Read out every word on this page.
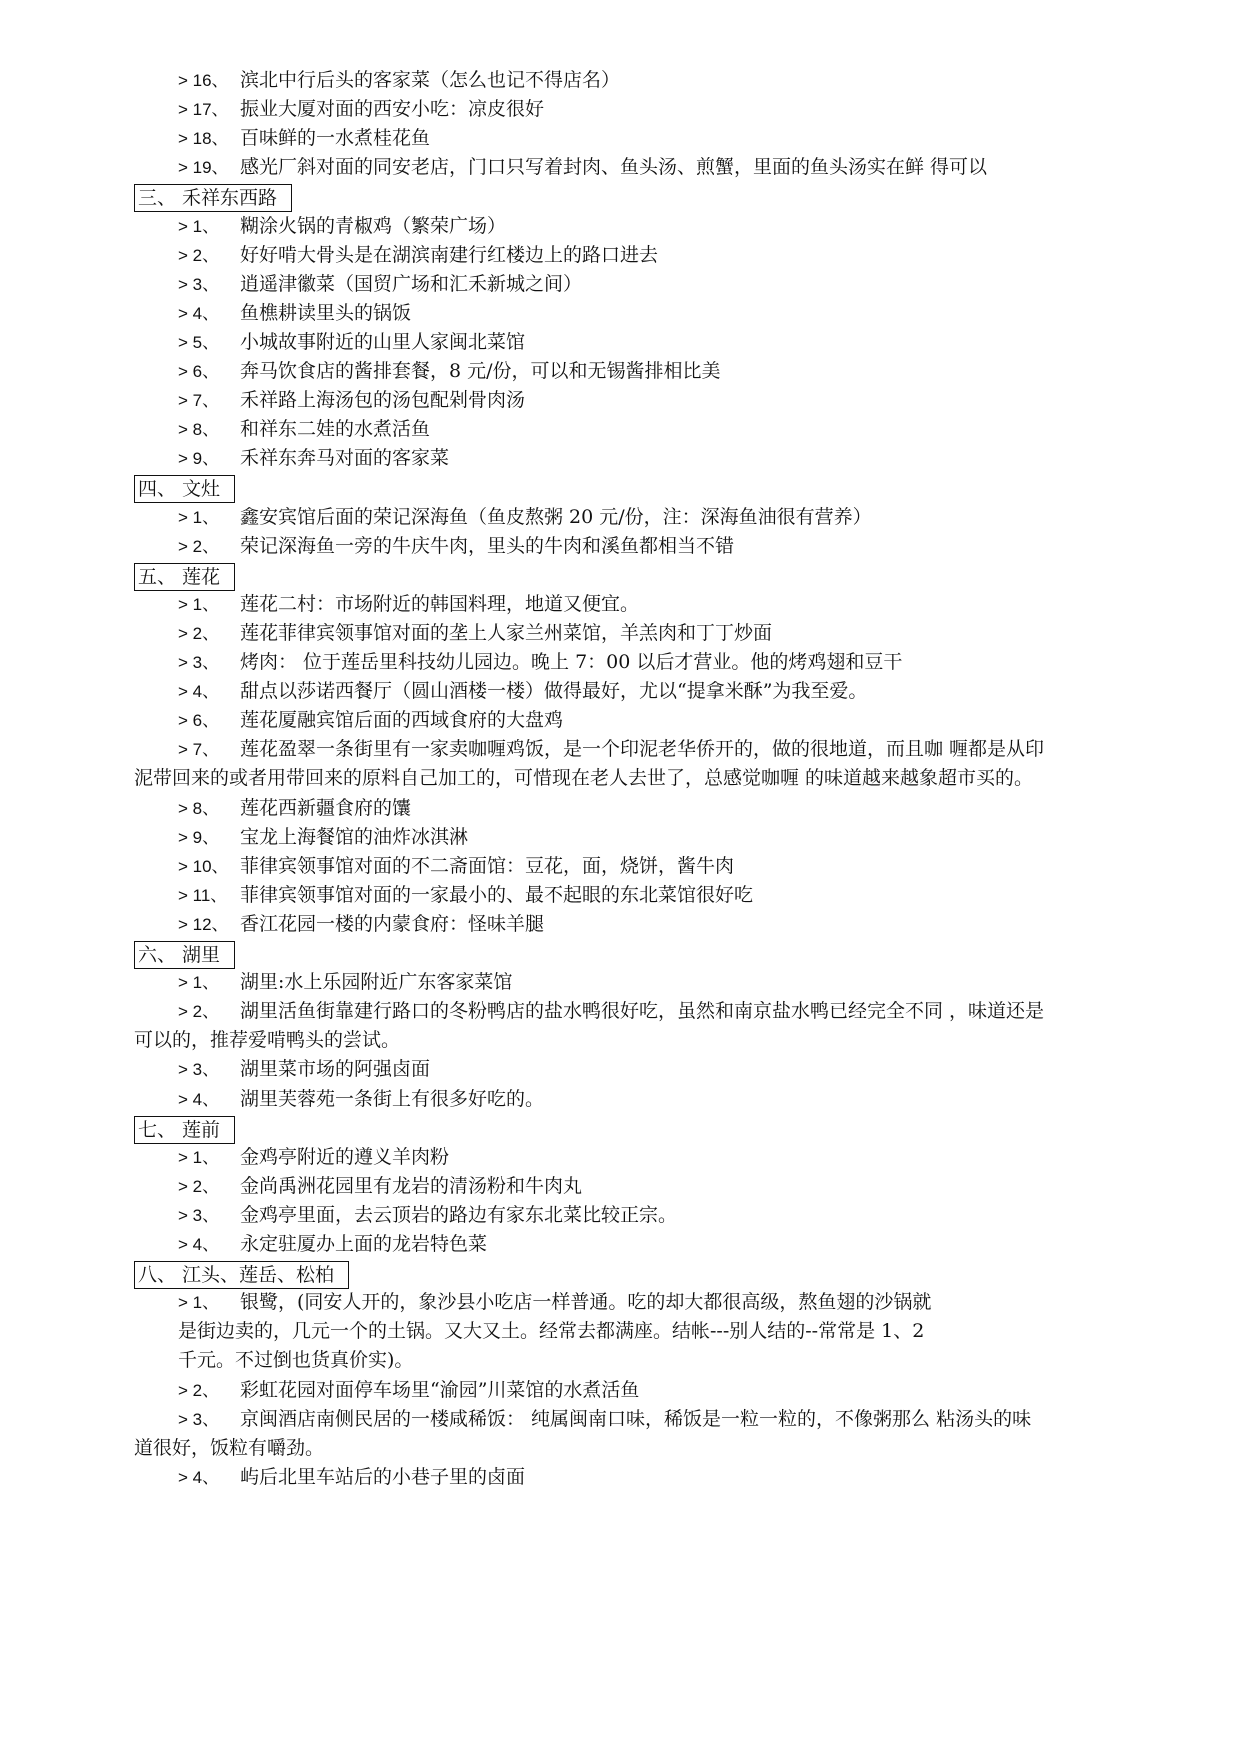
> 16、 滨北中行后头的客家菜（怎么也记不得店名）
> 17、 振业大厦对面的西安小吃：凉皮很好
> 18、 百味鲜的一水煮桂花鱼
> 19、 感光厂斜对面的同安老店，门口只写着封肉、鱼头汤、煎蟹，里面的鱼头汤实在鲜 得可以
三、 禾祥东西路
> 1、 糊涂火锅的青椒鸡（繁荣广场）
> 2、 好好啃大骨头是在湖滨南建行红楼边上的路口进去
> 3、 逍遥津徽菜（国贸广场和汇禾新城之间）
> 4、 鱼樵耕读里头的锅饭
> 5、 小城故事附近的山里人家闽北菜馆
> 6、 奔马饮食店的酱排套餐，8 元/份，可以和无锡酱排相比美
> 7、 禾祥路上海汤包的汤包配剁骨肉汤
> 8、 和祥东二娃的水煮活鱼
> 9、 禾祥东奔马对面的客家菜
四、 文灶
> 1、 鑫安宾馆后面的荣记深海鱼（鱼皮熬粥 20 元/份，注：深海鱼油很有营养）
> 2、 荣记深海鱼一旁的牛庆牛肉，里头的牛肉和溪鱼都相当不错
五、 莲花
> 1、 莲花二村：市场附近的韩国料理，地道又便宜。
> 2、 莲花菲律宾领事馆对面的垄上人家兰州菜馆，羊羔肉和丁丁炒面
> 3、 烤肉： 位于莲岳里科技幼儿园边。晚上 7：00 以后才营业。他的烤鸡翅和豆干
> 4、 甜点以莎诺西餐厅（圆山酒楼一楼）做得最好，尤以“提拿米酥”为我至爱。
> 6、 莲花厦融宾馆后面的西域食府的大盘鸡
> 7、 莲花盈翠一条街里有一家卖咖喱鸡饭，是一个印泥老华侨开的，做的很地道，而且咖 喱都是从印
泥带回来的或者用带回来的原料自己加工的，可惜现在老人去世了，总感觉咖喱 的味道越来越象超市买的。
> 8、 莲花西新疆食府的馕
> 9、 宝龙上海餐馆的油炸冰淇淋
> 10、 菲律宾领事馆对面的不二斋面馆：豆花，面，烧饼，酱牛肉
> 11、 菲律宾领事馆对面的一家最小的、最不起眼的东北菜馆很好吃
> 12、 香江花园一楼的内蒙食府：怪味羊腿
六、 湖里
> 1、 湖里:水上乐园附近广东客家菜馆
> 2、 湖里活鱼街靠建行路口的冬粉鸭店的盐水鸭很好吃，虽然和南京盐水鸭已经完全不同 ，味道还是
可以的，推荐爱啃鸭头的尝试。
> 3、 湖里菜市场的阿强卤面
> 4、 湖里芙蓉苑一条街上有很多好吃的。
七、 莲前
> 1、 金鸡亭附近的遵义羊肉粉
> 2、 金尚禹洲花园里有龙岩的清汤粉和牛肉丸
> 3、 金鸡亭里面，去云顶岩的路边有家东北菜比较正宗。
> 4、 永定驻厦办上面的龙岩特色菜
八、 江头、莲岳、松柏
> 1、 银鹭，(同安人开的，象沙县小吃店一样普通。吃的却大都很高级，熬鱼翅的沙锅就
是街边卖的，几元一个的土锅。又大又土。经常去都满座。结帐---别人结的--常常是 1、2
千元。不过倒也货真价实)。
> 2、 彩虹花园对面停车场里“渝园”川菜馆的水煮活鱼
> 3、 京闽酒店南侧民居的一楼咸稀饭： 纯属闽南口味，稀饭是一粒一粒的，不像粥那么 粘汤头的味
道很好，饭粒有嚼劲。
> 4、 屿后北里车站后的小巷子里的卤面
